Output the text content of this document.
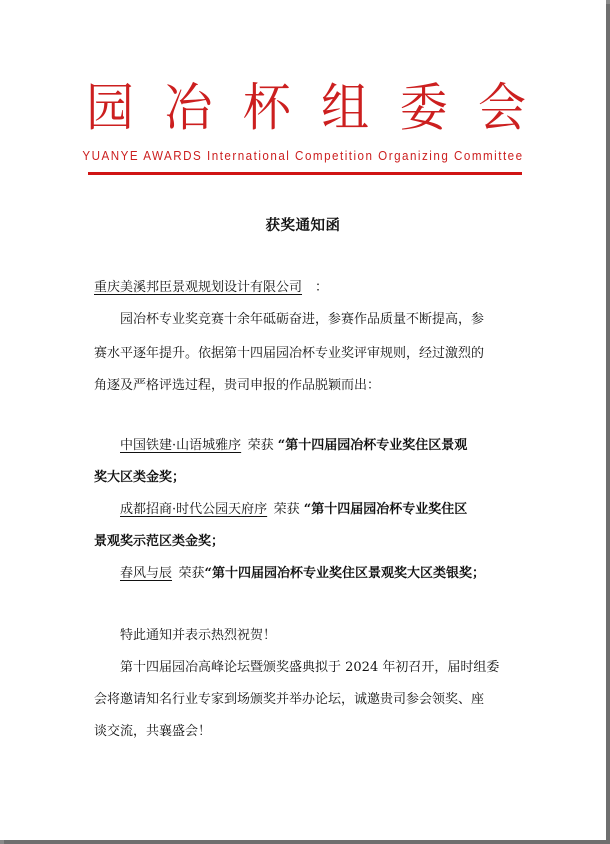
园 冶 杯 组 委 会
YUANYE AWARDS International Competition Organizing Committee
获奖通知函
重庆美溪邦臣景观规划设计有限公司  ：
园冶杯专业奖竞赛十余年砥砺奋进，参赛作品质量不断提高，参
赛水平逐年提升。依据第十四届园冶杯专业奖评审规则，经过激烈的
角逐及严格评选过程，贵司申报的作品脱颖而出：
中国铁建·山语城雅序  荣获 “第十四届园冶杯专业奖住区景观
奖大区类金奖；
成都招商·时代公园天府序  荣获 “第十四届园冶杯专业奖住区
景观奖示范区类金奖；
春风与辰  荣获“第十四届园冶杯专业奖住区景观奖大区类银奖；
特此通知并表示热烈祝贺！
第十四届园冶高峰论坛暨颁奖盛典拟于 2024 年初召开，届时组委
会将邀请知名行业专家到场颁奖并举办论坛，诚邀贵司参会领奖、座
谈交流，共襄盛会！
